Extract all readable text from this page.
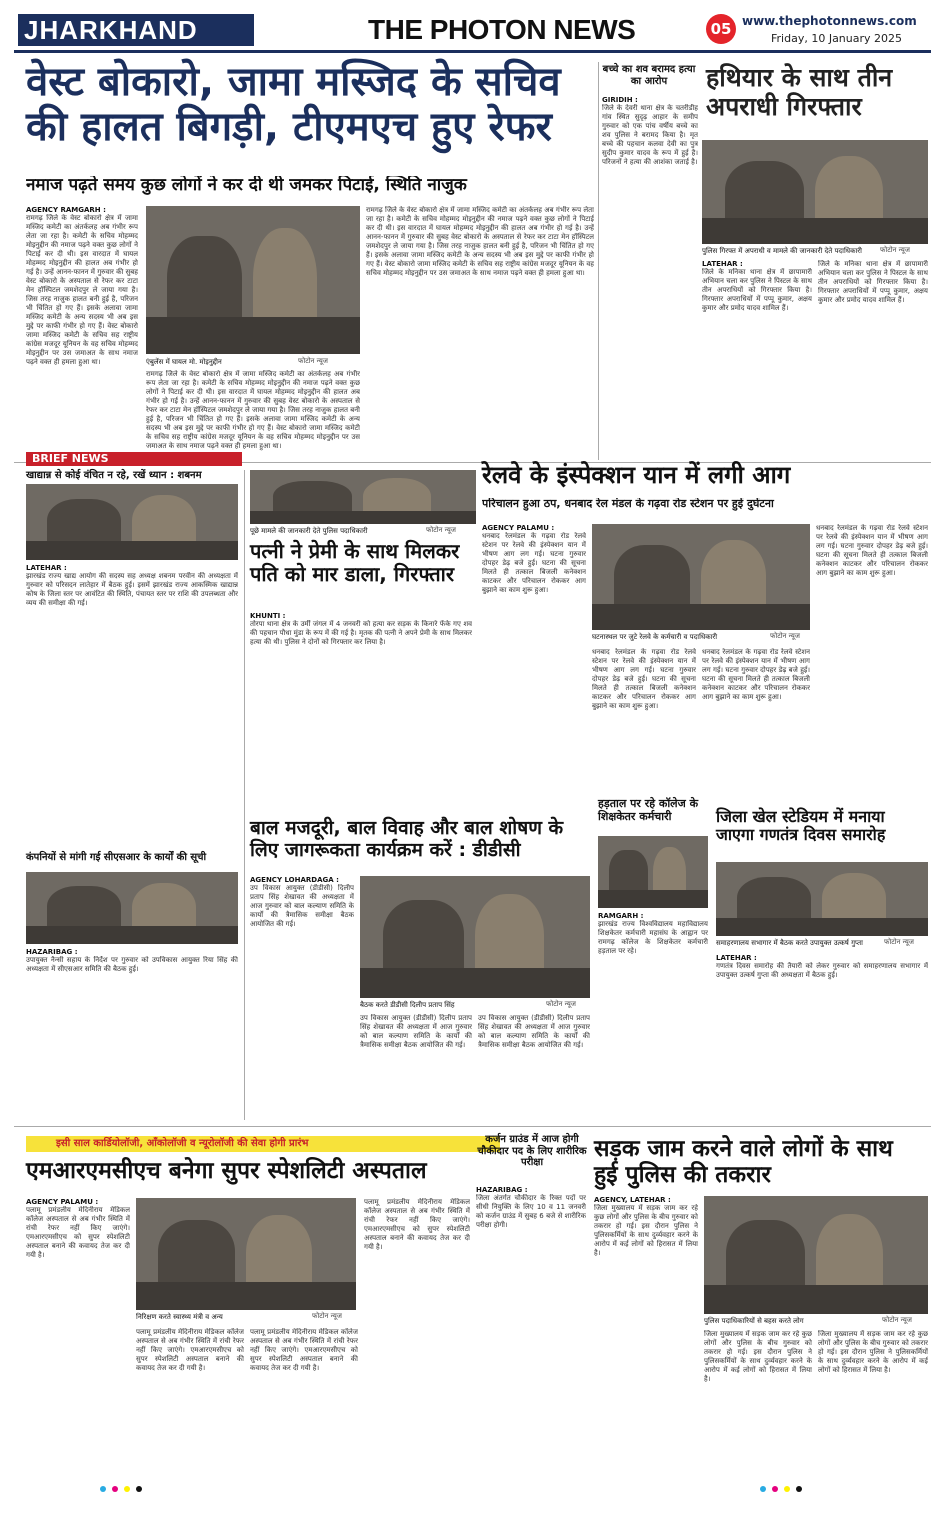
JHARKHAND	THE PHOTON NEWS	05 www.thephotonnews.com
Friday, 10 January 2025
वेस्ट बोकारो, जामा मस्जिद के सचिव की हालत बिगड़ी, टीएमएच हुए रेफर
नमाज पढ़ते समय कुछ लोगों ने कर दी थी जमकर पिटाई, स्थिति नाजुक
AGENCY RAMGARH :
रामगढ़ जिले के वेस्ट बोकारो क्षेत्र में जामा मस्जिद कमेटी का अंतर्कलह अब गंभीर रूप लेता जा रहा है। कमेटी के सचिव मोहम्मद मोइनुद्दीन की नमाज पढ़ने वक्त कुछ लोगों ने पिटाई कर दी थी। इस वारदात में घायल मोहम्मद मोइनुद्दीन की हालत अब गंभीर हो गई है। उन्हें आनन-फानन में गुरुवार की सुबह वेस्ट बोकारो के अस्पताल से रेफर कर टाटा मेन हॉस्पिटल जमशेदपुर ले जाया गया है। जिस तरह नाजुक हालत बनी हुई है, परिजन भी चिंतित हो गए हैं। इसके अलावा जामा मस्जिद कमेटी के अन्य सदस्य भी अब इस मुद्दे पर काफी गंभीर हो गए हैं। वेस्ट बोकारो जामा मस्जिद कमेटी के सचिव सह राष्ट्रीय कांग्रेस मजदूर यूनियन के वह सचिव मोहम्मद मोइनुद्दीन पर उस जमाअत के साथ नमाज पढ़ने वक्त ही हमला हुआ था।	एंबुलेंस में घायल मो. मोइनुद्दीन	फोटोन न्यूज
रामगढ़ जिले के वेस्ट बोकारो क्षेत्र में जामा मस्जिद कमेटी का अंतर्कलह अब गंभीर रूप लेता जा रहा है। कमेटी के सचिव मोहम्मद मोइनुद्दीन की नमाज पढ़ने वक्त कुछ लोगों ने पिटाई कर दी थी। इस वारदात में घायल मोहम्मद मोइनुद्दीन की हालत अब गंभीर हो गई है। उन्हें आनन-फानन में गुरुवार की सुबह वेस्ट बोकारो के अस्पताल से रेफर कर टाटा मेन हॉस्पिटल जमशेदपुर ले जाया गया है। जिस तरह नाजुक हालत बनी हुई है, परिजन भी चिंतित हो गए हैं। इसके अलावा जामा मस्जिद कमेटी के अन्य सदस्य भी अब इस मुद्दे पर काफी गंभीर हो गए हैं। वेस्ट बोकारो जामा मस्जिद कमेटी के सचिव सह राष्ट्रीय कांग्रेस मजदूर यूनियन के वह सचिव मोहम्मद मोइनुद्दीन पर उस जमाअत के साथ नमाज पढ़ने वक्त ही हमला हुआ था।
रामगढ़ जिले के वेस्ट बोकारो क्षेत्र में जामा मस्जिद कमेटी का अंतर्कलह अब गंभीर रूप लेता जा रहा है। कमेटी के सचिव मोहम्मद मोइनुद्दीन की नमाज पढ़ने वक्त कुछ लोगों ने पिटाई कर दी थी। इस वारदात में घायल मोहम्मद मोइनुद्दीन की हालत अब गंभीर हो गई है। उन्हें आनन-फानन में गुरुवार की सुबह वेस्ट बोकारो के अस्पताल से रेफर कर टाटा मेन हॉस्पिटल जमशेदपुर ले जाया गया है। जिस तरह नाजुक हालत बनी हुई है, परिजन भी चिंतित हो गए हैं। इसके अलावा जामा मस्जिद कमेटी के अन्य सदस्य भी अब इस मुद्दे पर काफी गंभीर हो गए हैं। वेस्ट बोकारो जामा मस्जिद कमेटी के सचिव सह राष्ट्रीय कांग्रेस मजदूर यूनियन के वह सचिव मोहम्मद मोइनुद्दीन पर उस जमाअत के साथ नमाज पढ़ने वक्त ही हमला हुआ था।
बच्चे का शव बरामद हत्या का आरोप
GIRIDIH :
जिले के देवरी थाना क्षेत्र के चतरीडीह गांव स्थित सुदृढ़ आहार के समीप गुरुवार को एक पांच वर्षीय बच्चे का शव पुलिस ने बरामद किया है। मृत बच्चे की पहचान कलवा देवी का पुत्र सुदीप कुमार यादव के रूप में हुई है। परिजनों ने हत्या की आशंका जताई है।
हथियार के साथ तीन अपराधी गिरफ्तार
पुलिस गिरफ्त में अपराधी व मामले की जानकारी देते पदाधिकारी	फोटोन न्यूज
LATEHAR :
जिले के मनिका थाना क्षेत्र में छापामारी अभियान चला कर पुलिस ने पिस्टल के साथ तीन अपराधियों को गिरफ्तार किया है। गिरफ्तार अपराधियों में पप्पू कुमार, अक्षय कुमार और प्रमोद यादव शामिल हैं।
जिले के मनिका थाना क्षेत्र में छापामारी अभियान चला कर पुलिस ने पिस्टल के साथ तीन अपराधियों को गिरफ्तार किया है। गिरफ्तार अपराधियों में पप्पू कुमार, अक्षय कुमार और प्रमोद यादव शामिल हैं।
BRIEF NEWS
खाद्यान्न से कोई वंचित न रहे, रखें ध्यान : शबनम
LATEHAR :
झारखंड राज्य खाद्य आयोग की सदस्य सह अध्यक्ष शबनम परवीन की अध्यक्षता में गुरुवार को परिसदन लातेहार में बैठक हुई। इसमें झारखंड राज्य आकस्मिक खाद्यान्न कोष के जिला स्तर पर आवंटित की स्थिति, पंचायत स्तर पर राशि की उपलब्धता और व्यय की समीक्षा की गई।
कंपनियों से मांगी गई सीएसआर के कार्यों की सूची
HAZARIBAG :
उपायुक्त नैन्सी सहाय के निर्देश पर गुरुवार को उपविकास आयुक्त रिया सिंह की अध्यक्षता में सीएसआर समिति की बैठक हुई।
पूछे मामले की जानकारी देते पुलिस पदाधिकारी	फोटोन न्यूज
पत्नी ने प्रेमी के साथ मिलकर पति को मार डाला, गिरफ्तार
KHUNTI :
तोरपा थाना क्षेत्र के उर्मी जंगल में 4 जनवरी को हत्या कर सड़क के किनारे फेंके गए शव की पहचान पौधा मुंडा के रूप में की गई है। मृतक की पत्नी ने अपने प्रेमी के साथ मिलकर हत्या की थी। पुलिस ने दोनों को गिरफ्तार कर लिया है।
रेलवे के इंस्पेक्शन यान में लगी आग
परिचालन हुआ ठप, धनबाद रेल मंडल के गढ़वा रोड स्टेशन पर हुई दुर्घटना
AGENCY PALAMU :
धनबाद रेलमंडल के गढ़वा रोड रेलवे स्टेशन पर रेलवे की इंस्पेक्शन यान में भीषण आग लग गई। घटना गुरुवार दोपहर डेढ़ बजे हुई। घटना की सूचना मिलते ही तत्काल बिजली कनेक्शन काटकर और परिचालन रोककर आग बुझाने का काम शुरू हुआ।
घटनास्थल पर जुटे रेलवे के कर्मचारी व पदाधिकारी	फोटोन न्यूज
धनबाद रेलमंडल के गढ़वा रोड रेलवे स्टेशन पर रेलवे की इंस्पेक्शन यान में भीषण आग लग गई। घटना गुरुवार दोपहर डेढ़ बजे हुई। घटना की सूचना मिलते ही तत्काल बिजली कनेक्शन काटकर और परिचालन रोककर आग बुझाने का काम शुरू हुआ।
धनबाद रेलमंडल के गढ़वा रोड रेलवे स्टेशन पर रेलवे की इंस्पेक्शन यान में भीषण आग लग गई। घटना गुरुवार दोपहर डेढ़ बजे हुई। घटना की सूचना मिलते ही तत्काल बिजली कनेक्शन काटकर और परिचालन रोककर आग बुझाने का काम शुरू हुआ।
धनबाद रेलमंडल के गढ़वा रोड रेलवे स्टेशन पर रेलवे की इंस्पेक्शन यान में भीषण आग लग गई। घटना गुरुवार दोपहर डेढ़ बजे हुई। घटना की सूचना मिलते ही तत्काल बिजली कनेक्शन काटकर और परिचालन रोककर आग बुझाने का काम शुरू हुआ।
बाल मजदूरी, बाल विवाह और बाल शोषण के लिए जागरूकता कार्यक्रम करें : डीडीसी
AGENCY LOHARDAGA :
उप विकास आयुक्त (डीडीसी) दिलीप प्रताप सिंह शेखावत की अध्यक्षता में आज गुरुवार को बाल कल्याण समिति के कार्यों की त्रैमासिक समीक्षा बैठक आयोजित की गई।
बैठक करते डीडीसी दिलीप प्रताप सिंह	फोटोन न्यूज
उप विकास आयुक्त (डीडीसी) दिलीप प्रताप सिंह शेखावत की अध्यक्षता में आज गुरुवार को बाल कल्याण समिति के कार्यों की त्रैमासिक समीक्षा बैठक आयोजित की गई।
उप विकास आयुक्त (डीडीसी) दिलीप प्रताप सिंह शेखावत की अध्यक्षता में आज गुरुवार को बाल कल्याण समिति के कार्यों की त्रैमासिक समीक्षा बैठक आयोजित की गई।
हड़ताल पर रहे कॉलेज के शिक्षकेतर कर्मचारी
RAMGARH :
झारखंड राज्य विश्वविद्यालय महाविद्यालय शिक्षकेतर कर्मचारी महासंघ के आह्वान पर रामगढ़ कॉलेज के शिक्षकेतर कर्मचारी हड़ताल पर रहे।
जिला खेल स्टेडियम में मनाया जाएगा गणतंत्र दिवस समारोह
समाहरणालय सभागार में बैठक करते उपायुक्त उत्कर्ष गुप्ता	फोटोन न्यूज
LATEHAR :
गणतंत्र दिवस समारोह की तैयारी को लेकर गुरुवार को समाहरणालय सभागार में उपायुक्त उत्कर्ष गुप्ता की अध्यक्षता में बैठक हुई।
इसी साल कार्डियोलॉजी, ऑंकोलॉजी व न्यूरोलॉजी की सेवा होगी प्रारंभ
एमआरएमसीएच बनेगा सुपर स्पेशलिटी अस्पताल
AGENCY PALAMU :
पलामू प्रमंडलीय मेदिनीराय मेडिकल कॉलेज अस्पताल से अब गंभीर स्थिति में रांची रेफर नहीं किए जाएंगे। एमआरएमसीएच को सुपर स्पेशलिटी अस्पताल बनाने की कवायद तेज कर दी गयी है।
निरिक्षण करते स्वास्थ्य मंत्री व अन्य	फोटोन न्यूज
पलामू प्रमंडलीय मेदिनीराय मेडिकल कॉलेज अस्पताल से अब गंभीर स्थिति में रांची रेफर नहीं किए जाएंगे। एमआरएमसीएच को सुपर स्पेशलिटी अस्पताल बनाने की कवायद तेज कर दी गयी है।
पलामू प्रमंडलीय मेदिनीराय मेडिकल कॉलेज अस्पताल से अब गंभीर स्थिति में रांची रेफर नहीं किए जाएंगे। एमआरएमसीएच को सुपर स्पेशलिटी अस्पताल बनाने की कवायद तेज कर दी गयी है।
पलामू प्रमंडलीय मेदिनीराय मेडिकल कॉलेज अस्पताल से अब गंभीर स्थिति में रांची रेफर नहीं किए जाएंगे। एमआरएमसीएच को सुपर स्पेशलिटी अस्पताल बनाने की कवायद तेज कर दी गयी है।
कर्जन ग्राउंड में आज होगी चौकीदार पद के लिए शारीरिक परीक्षा
HAZARIBAG :
जिला अंतर्गत चौकीदार के रिक्त पदों पर सीधी नियुक्ति के लिए 10 व 11 जनवरी को कर्जन ग्राउंड में सुबह 6 बजे से शारीरिक परीक्षा होगी।
सड़क जाम करने वाले लोगों के साथ हुई पुलिस की तकरार
AGENCY, LATEHAR :
जिला मुख्यालय में सड़क जाम कर रहे कुछ लोगों और पुलिस के बीच गुरुवार को तकरार हो गई। इस दौरान पुलिस ने पुलिसकर्मियों के साथ दुर्व्यवहार करने के आरोप में कई लोगों को हिरासत में लिया है।
पुलिस पदाधिकारियों से बहस करते लोग	फोटोन न्यूज
जिला मुख्यालय में सड़क जाम कर रहे कुछ लोगों और पुलिस के बीच गुरुवार को तकरार हो गई। इस दौरान पुलिस ने पुलिसकर्मियों के साथ दुर्व्यवहार करने के आरोप में कई लोगों को हिरासत में लिया है।
जिला मुख्यालय में सड़क जाम कर रहे कुछ लोगों और पुलिस के बीच गुरुवार को तकरार हो गई। इस दौरान पुलिस ने पुलिसकर्मियों के साथ दुर्व्यवहार करने के आरोप में कई लोगों को हिरासत में लिया है।
